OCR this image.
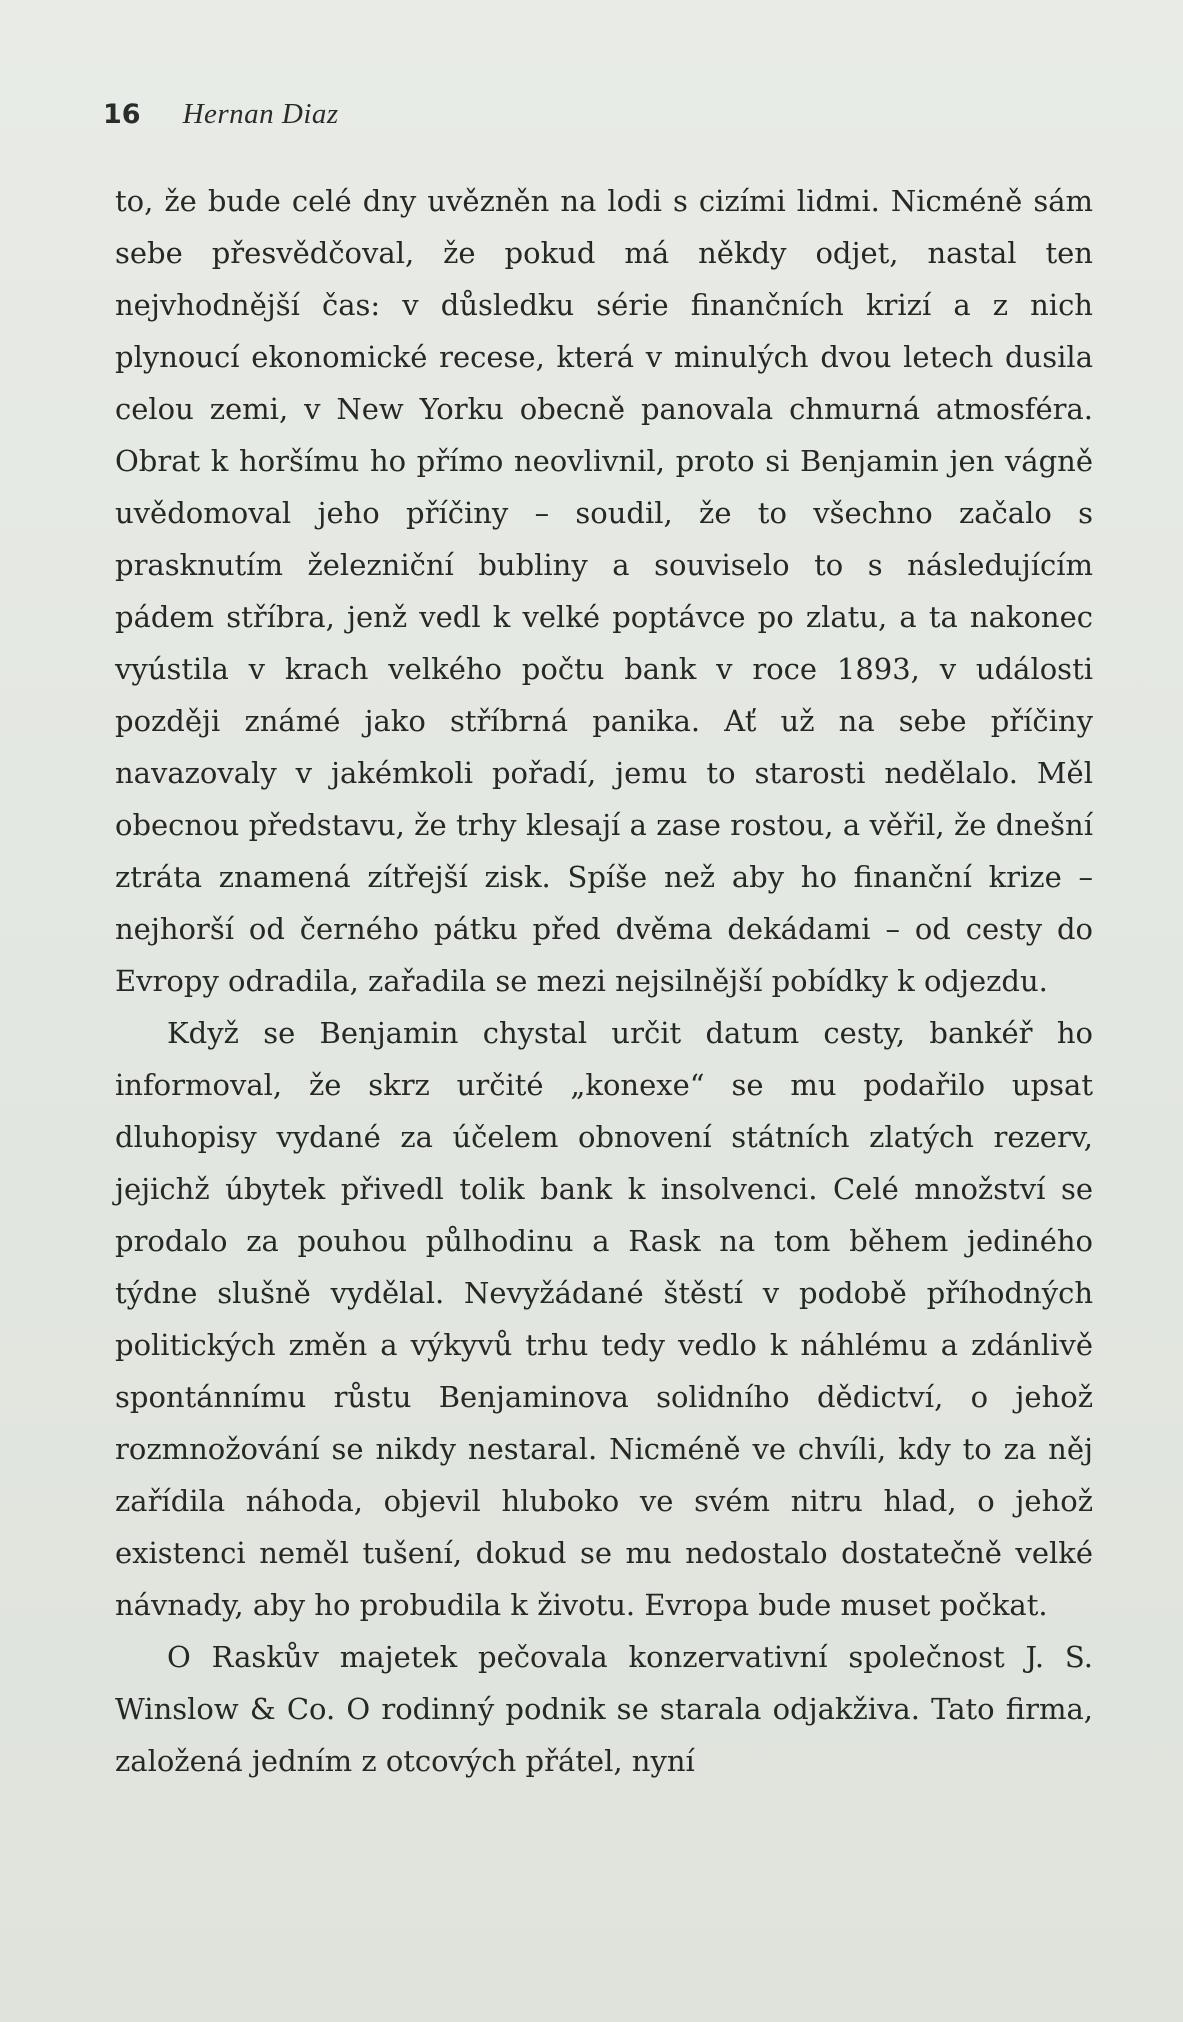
16 Hernan Diaz

to, že bude celé dny uvězněn na lodi s cizími lidmi. Nicméně sám sebe přesvědčoval, že pokud má někdy odjet, nastal ten nejvhodnější čas: v důsledku série finančních krizí a z nich plynoucí ekonomické recese, která v minulých dvou letech dusila celou zemi, v New Yorku obecně panovala chmurná atmosféra. Obrat k horšímu ho přímo neovlivnil, proto si Benjamin jen vágně uvědomoval jeho příčiny – soudil, že to všechno začalo s prasknutím železniční bubliny a souviselo to s následujícím pádem stříbra, jenž vedl k velké poptávce po zlatu, a ta nakonec vyústila v krach velkého počtu bank v roce 1893, v události později známé jako stříbrná panika. Ať už na sebe příčiny navazovaly v jakémkoli pořadí, jemu to starosti nedělalo. Měl obecnou představu, že trhy klesají a zase rostou, a věřil, že dnešní ztráta znamená zítřejší zisk. Spíše než aby ho finanční krize – nejhorší od černého pátku před dvěma dekádami – od cesty do Evropy odradila, zařadila se mezi nejsilnější pobídky k odjezdu.

Když se Benjamin chystal určit datum cesty, bankéř ho informoval, že skrz určité „konexe“ se mu podařilo upsat dluhopisy vydané za účelem obnovení státních zlatých rezerv, jejichž úbytek přivedl tolik bank k insolvenci. Celé množství se prodalo za pouhou půlhodinu a Rask na tom během jediného týdne slušně vydělal. Nevyžádané štěstí v podobě příhodných politických změn a výkyvů trhu tedy vedlo k náhlému a zdánlivě spontánnímu růstu Benjaminova solidního dědictví, o jehož rozmnožování se nikdy nestaral. Nicméně ve chvíli, kdy to za něj zařídila náhoda, objevil hluboko ve svém nitru hlad, o jehož existenci neměl tušení, dokud se mu nedostalo dostatečně velké návnady, aby ho probudila k životu. Evropa bude muset počkat.

O Raskův majetek pečovala konzervativní společnost J. S. Winslow & Co. O rodinný podnik se starala odjakživa. Tato firma, založená jedním z otcových přátel, nyní
